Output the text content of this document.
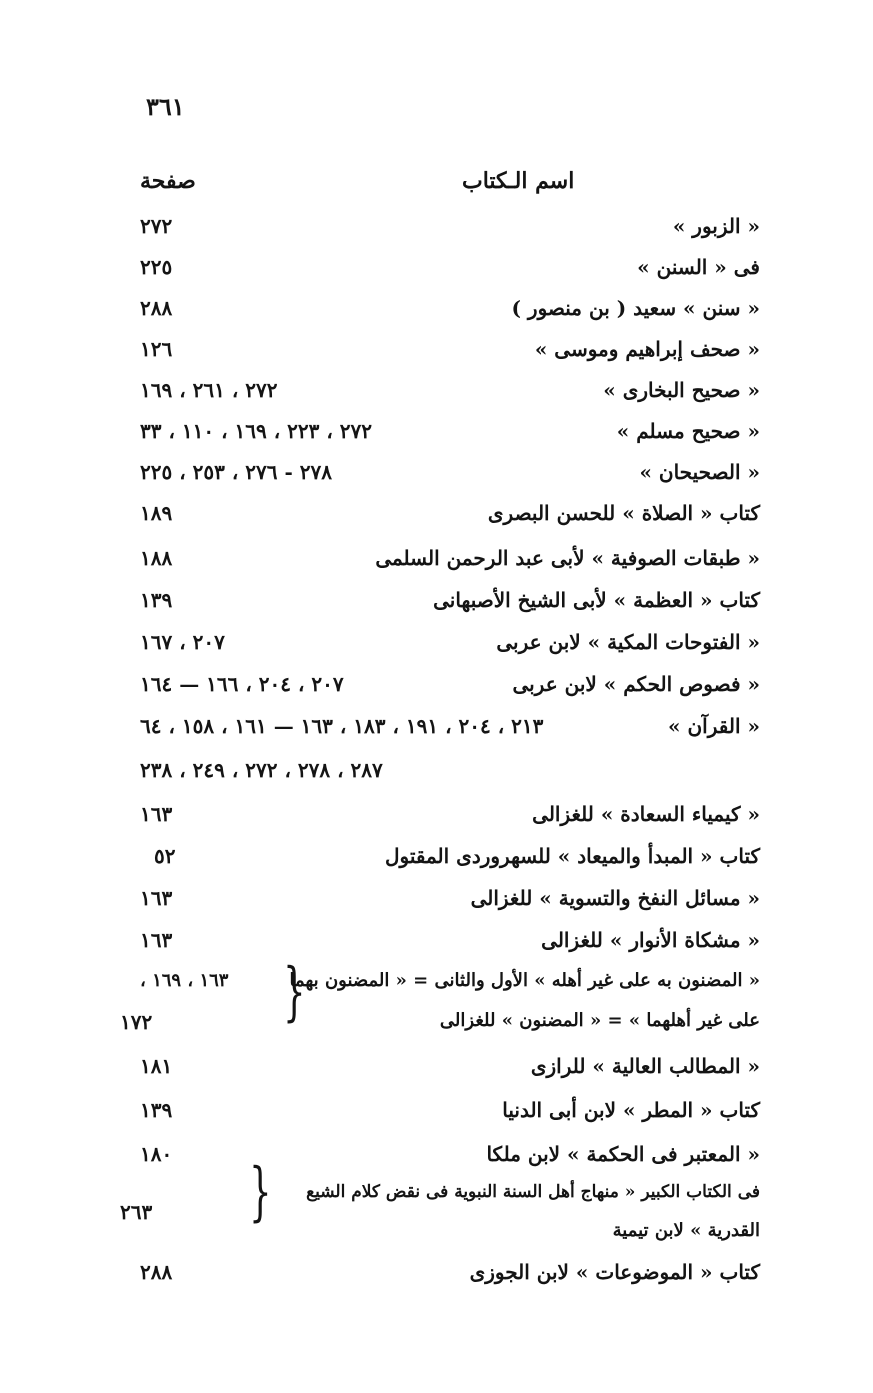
٣٦١
اسم الـكتاب
صفحة
« الزبور »
٢٧٢
فى « السنن »
٢٢٥
« سنن » سعيد ( بن منصور )
٢٨٨
« صحف إبراهيم وموسى »
١٢٦
« صحيح البخارى »
٢٧٢ ، ٢٦١ ، ١٦٩
« صحيح مسلم »
٢٧٢ ، ٢٢٣ ، ١٦٩ ، ١١٠ ، ٣٣
« الصحيحان »
٢٧٨ - ٢٧٦ ، ٢٥٣ ، ٢٢٥
كتاب « الصلاة » للحسن البصرى
١٨٩
« طبقات الصوفية » لأبى عبد الرحمن السلمى
١٨٨
كتاب « العظمة » لأبى الشيخ الأصبهانى
١٣٩
« الفتوحات المكية » لابن عربى
٢٠٧ ، ١٦٧
« فصوص الحكم » لابن عربى
٢٠٧ ، ٢٠٤ ، ١٦٦ — ١٦٤
« القرآن »
٢١٣ ، ٢٠٤ ، ١٩١ ، ١٨٣ ، ١٦٣ — ١٦١ ، ١٥٨ ، ٦٤
٢٨٧ ، ٢٧٨ ، ٢٧٢ ، ٢٤٩ ، ٢٣٨
« كيمياء السعادة » للغزالى
١٦٣
كتاب « المبدأ والميعاد » للسهروردى المقتول
٥٢
« مسائل النفخ والتسوية » للغزالى
١٦٣
« مشكاة الأنوار » للغزالى
١٦٣
« المضنون به على غير أهله » الأول والثانى = « المضنون بهما
١٦٣ ، ١٦٩ ،
على غير أهلهما » = « المضنون » للغزالى
١٧٢
« المطالب العالية » للرازى
١٨١
كتاب « المطر » لابن أبى الدنيا
١٣٩
« المعتبر فى الحكمة » لابن ملكا
١٨٠
فى الكتاب الكبير « منهاج أهل السنة النبوية فى نقض كلام الشيع
القدرية » لابن تيمية
٢٦٣
كتاب « الموضوعات » لابن الجوزى
٢٨٨
{
{
